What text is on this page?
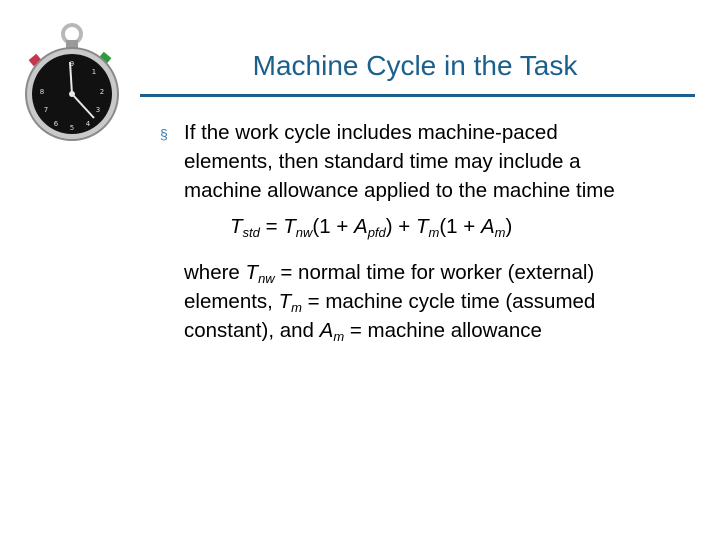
9
1
2
3
4
6
7
8
5
Machine Cycle in the Task
§ If the work cycle includes machine-paced
elements, then standard time may include a
machine allowance applied to the machine time
$T_{std} = T_{nw}(1 + A_{pfd}) + T_m(1 + A_m)$
where $T_{nw}$ = normal time for worker (external)
elements, $T_m$ = machine cycle time (assumed
constant), and $A_m$ = machine allowance
